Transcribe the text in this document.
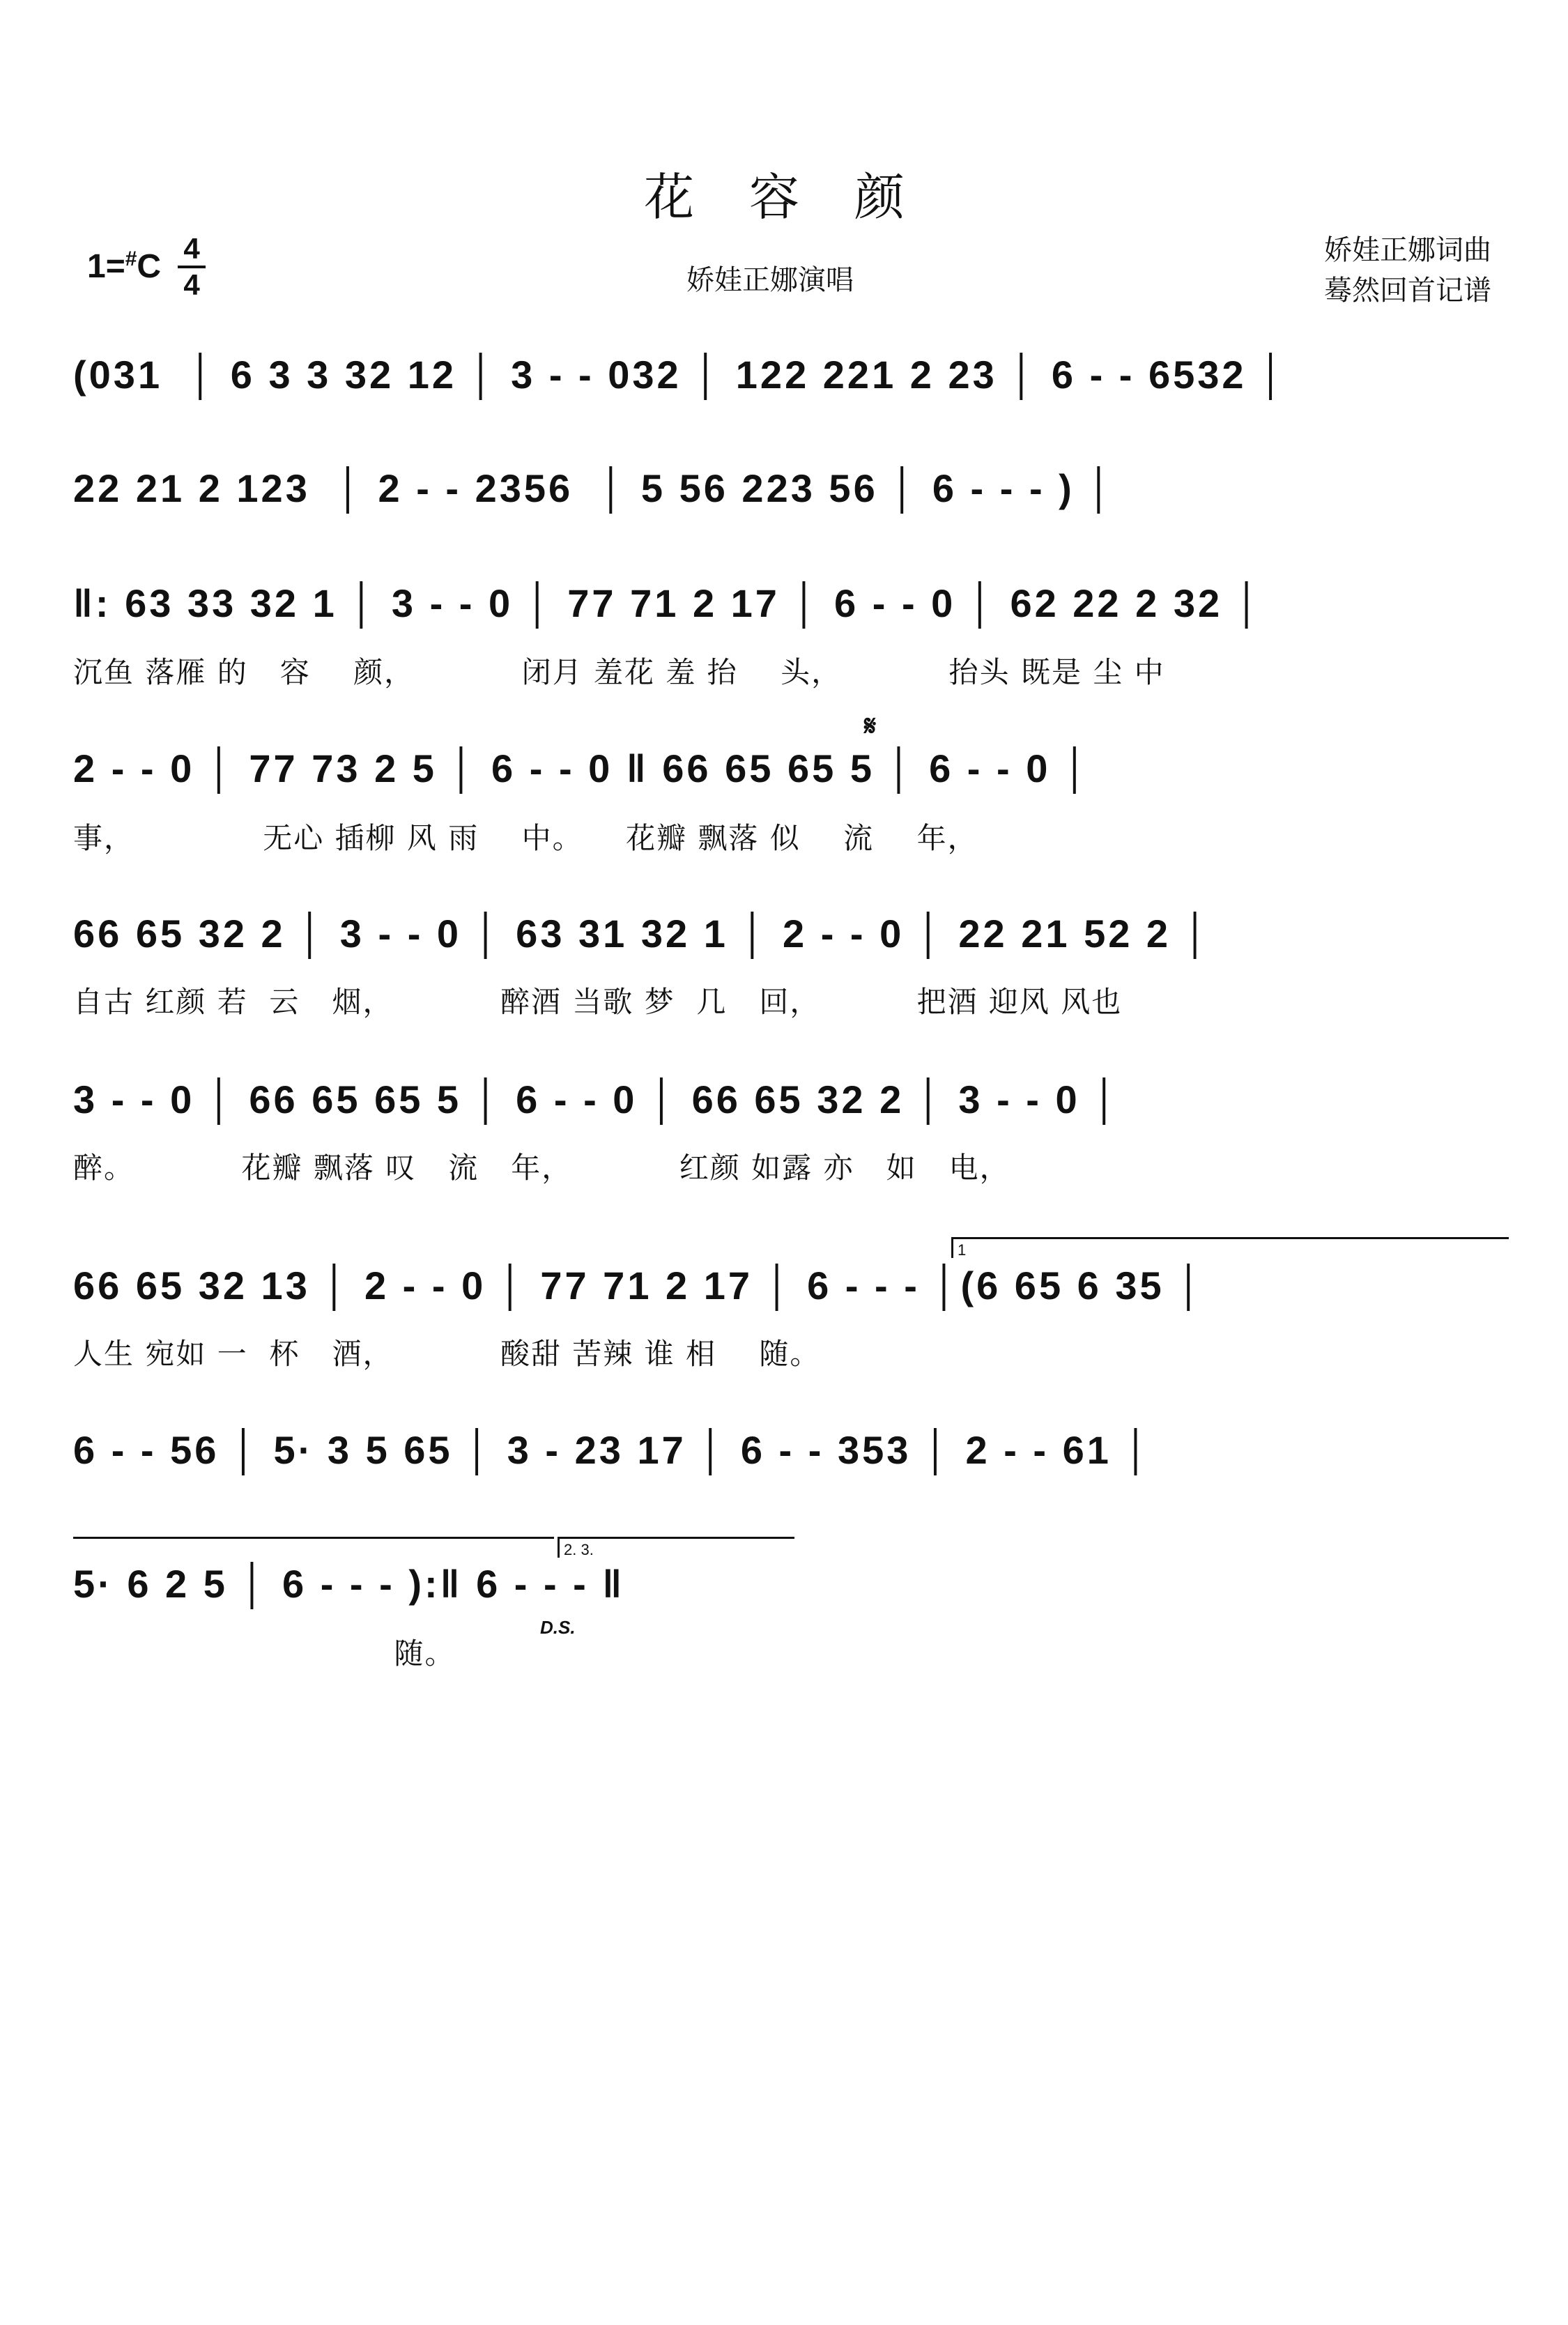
花 容 颜
1=#C 4
4	娇娃正娜演唱
娇娃正娜词曲
蓦然回首记谱
(031  │ 6 3 3 32 12 │ 3 - - 032 │ 122 221 2 23 │ 6 - - 6532 │
22 21 2 123  │ 2 - - 2356  │ 5 56 223 56 │ 6 - - - ) │
‖: 63 33 32 1 │ 3 - - 0 │ 77 71 2 17 │ 6 - - 0 │ 62 22 2 32 │
沉鱼 落雁 的   容    颜，          闭月 羞花 羞 抬    头，          抬头 既是 尘 中
2 - - 0 │ 77 73 2 5 │ 6 - - 0 ‖ 66 65 65 5 │ 6 - - 0 │
事，            无心 插柳 风 雨    中。    花瓣 飘落 似    流    年，
𝄋
66 65 32 2 │ 3 - - 0 │ 63 31 32 1 │ 2 - - 0 │ 22 21 52 2 │
自古 红颜 若  云   烟，          醉酒 当歌 梦  几   回，         把酒 迎风 风也
3 - - 0 │ 66 65 65 5 │ 6 - - 0 │ 66 65 32 2 │ 3 - - 0 │
醉。          花瓣 飘落 叹   流   年，          红颜 如露 亦   如   电，
1
66 65 32 13 │ 2 - - 0 │ 77 71 2 17 │ 6 - - - │(6 65 6 35 │
人生 宛如 一  杯   酒，          酸甜 苦辣 谁 相    随。
6 - - 56 │ 5· 3 5 65 │ 3 - 23 17 │ 6 - - 353 │ 2 - - 61 │
2. 3.
5· 6 2 5 │ 6 - - - ):‖ 6 - - - ‖
D.S.
随。
